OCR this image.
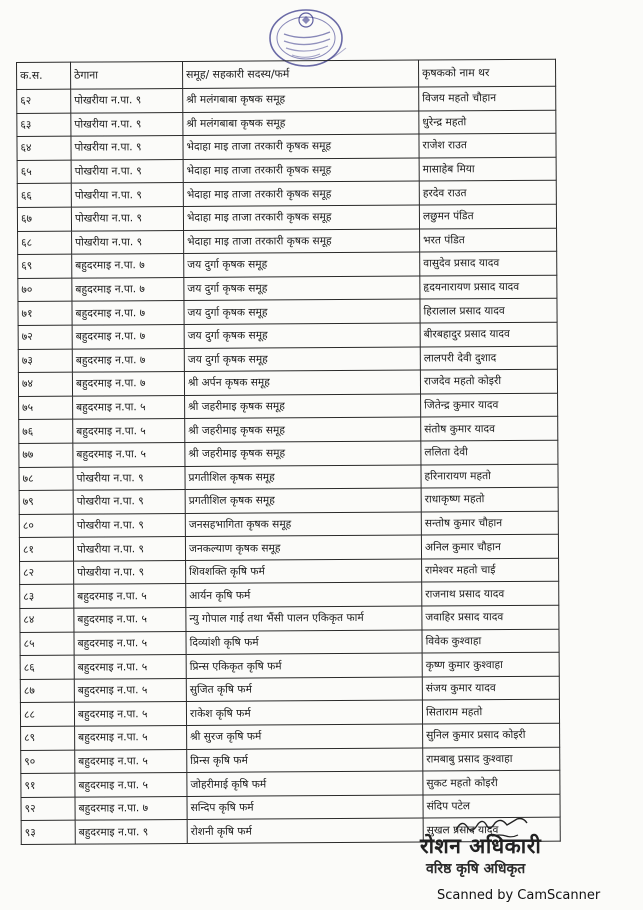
क.स.	ठेगाना	समूह/ सहकारी सदस्य/फर्म	कृषकको नाम थर
६२	पोखरीया न.पा. ९	श्री मलंगबाबा कृषक समूह	विजय महतो चौहान
६३	पोखरीया न.पा. ९	श्री मलंगबाबा कृषक समूह	धुरेन्द्र महतो
६४	पोखरीया न.पा. ९	भेदाहा माइ ताजा तरकारी कृषक समूह	राजेश राउत
६५	पोखरीया न.पा. ९	भेदाहा माइ ताजा तरकारी कृषक समूह	मासाहेब मिया
६६	पोखरीया न.पा. ९	भेदाहा माइ ताजा तरकारी कृषक समूह	हरदेव राउत
६७	पोखरीया न.पा. ९	भेदाहा माइ ताजा तरकारी कृषक समूह	लछुमन पंडित
६८	पोखरीया न.पा. ९	भेदाहा माइ ताजा तरकारी कृषक समूह	भरत पंडित
६९	बहुदरमाइ न.पा. ७	जय दुर्गा कृषक समूह	वासुदेव प्रसाद यादव
७०	बहुदरमाइ न.पा. ७	जय दुर्गा कृषक समूह	हृदयनारायण प्रसाद यादव
७१	बहुदरमाइ न.पा. ७	जय दुर्गा कृषक समूह	हिरालाल प्रसाद यादव
७२	बहुदरमाइ न.पा. ७	जय दुर्गा कृषक समूह	बीरबहादुर प्रसाद यादव
७३	बहुदरमाइ न.पा. ७	जय दुर्गा कृषक समूह	लालपरी देवी दुशाद
७४	बहुदरमाइ न.पा. ७	श्री अर्पन कृषक समूह	राजदेव महतो कोइरी
७५	बहुदरमाइ न.पा. ५	श्री जहरीमाइ कृषक समूह	जितेन्द्र कुमार यादव
७६	बहुदरमाइ न.पा. ५	श्री जहरीमाइ कृषक समूह	संतोष कुमार यादव
७७	बहुदरमाइ न.पा. ५	श्री जहरीमाइ कृषक समूह	ललिता देवी
७८	पोखरीया न.पा. ९	प्रगतीशिल कृषक समूह	हरिनारायण महतो
७९	पोखरीया न.पा. ९	प्रगतीशिल कृषक समूह	राधाकृष्ण महतो
८०	पोखरीया न.पा. ९	जनसहभागिता कृषक समूह	सन्तोष कुमार चौहान
८१	पोखरीया न.पा. ९	जनकल्याण कृषक समूह	अनिल कुमार चौहान
८२	पोखरीया न.पा. ९	शिवशक्ति कृषि फर्म	रामेश्वर महतो चाई
८३	बहुदरमाइ न.पा. ५	आर्यन कृषि फर्म	राजनाथ प्रसाद यादव
८४	बहुदरमाइ न.पा. ५	न्यु गोपाल गाई तथा भैंसी पालन एकिकृत फार्म	जवाहिर प्रसाद यादव
८५	बहुदरमाइ न.पा. ५	दिव्यांशी कृषि फर्म	विवेक कुश्वाहा
८६	बहुदरमाइ न.पा. ५	प्रिन्स एकिकृत कृषि फर्म	कृष्ण कुमार कुश्वाहा
८७	बहुदरमाइ न.पा. ५	सुजित कृषि फर्म	संजय कुमार यादव
८८	बहुदरमाइ न.पा. ५	राकेश कृषि फर्म	सिताराम महतो
८९	बहुदरमाइ न.पा. ५	श्री सुरज कृषि फर्म	सुनिल कुमार प्रसाद कोइरी
९०	बहुदरमाइ न.पा. ५	प्रिन्स कृषि फर्म	रामबाबु प्रसाद कुश्वाहा
९१	बहुदरमाइ न.पा. ५	जोहरीमाई कृषि फर्म	सुकट महतो कोइरी
९२	बहुदरमाइ न.पा. ७	सन्दिप कृषि फर्म	संदिप पटेल
९३	बहुदरमाइ न.पा. ९	रोशनी कृषि फर्म	सुखल प्रसाद यादव
रोशन अधिकारी
वरिष्ठ कृषि अधिकृत
Scanned by CamScanner
